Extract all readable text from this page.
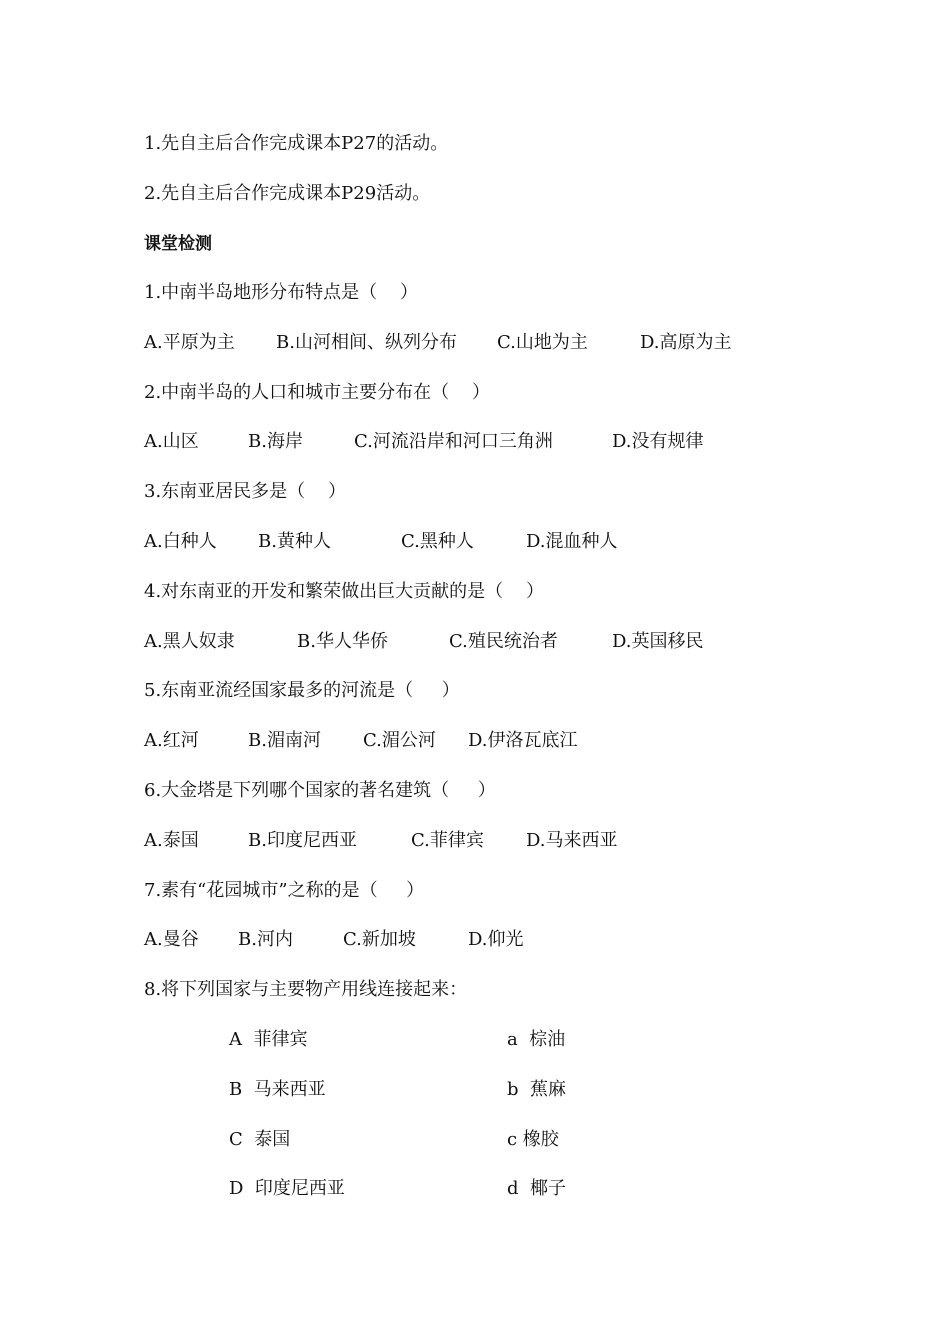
1.先自主后合作完成课本P27的活动。

2.先自主后合作完成课本P29活动。

课堂检测

1.中南半岛地形分布特点是（    ）

A.平原为主 B.山河相间、纵列分布 C.山地为主	D.高原为主

2.中南半岛的人口和城市主要分布在（    ）

A.山区	B.海岸	C.河流沿岸和河口三角洲	D.没有规律

3.东南亚居民多是（    ）

A.白种人 B.黄种人	C.黑种人	D.混血种人

4.对东南亚的开发和繁荣做出巨大贡献的是（    ）

A.黑人奴隶	B.华人华侨	C.殖民统治者	D.英国移民

5.东南亚流经国家最多的河流是（     ）

A.红河	B.湄南河 C.湄公河 D.伊洛瓦底江

6.大金塔是下列哪个国家的著名建筑（     ）

A.泰国	B.印度尼西亚	C.菲律宾 D.马来西亚

7.素有“花园城市”之称的是（     ）

A.曼谷 B.河内	C.新加坡	D.仰光

8.将下列国家与主要物产用线连接起来：

A  菲律宾	a  棕油
B  马来西亚	b  蕉麻
C  泰国	c 橡胶
D  印度尼西亚	d  椰子
